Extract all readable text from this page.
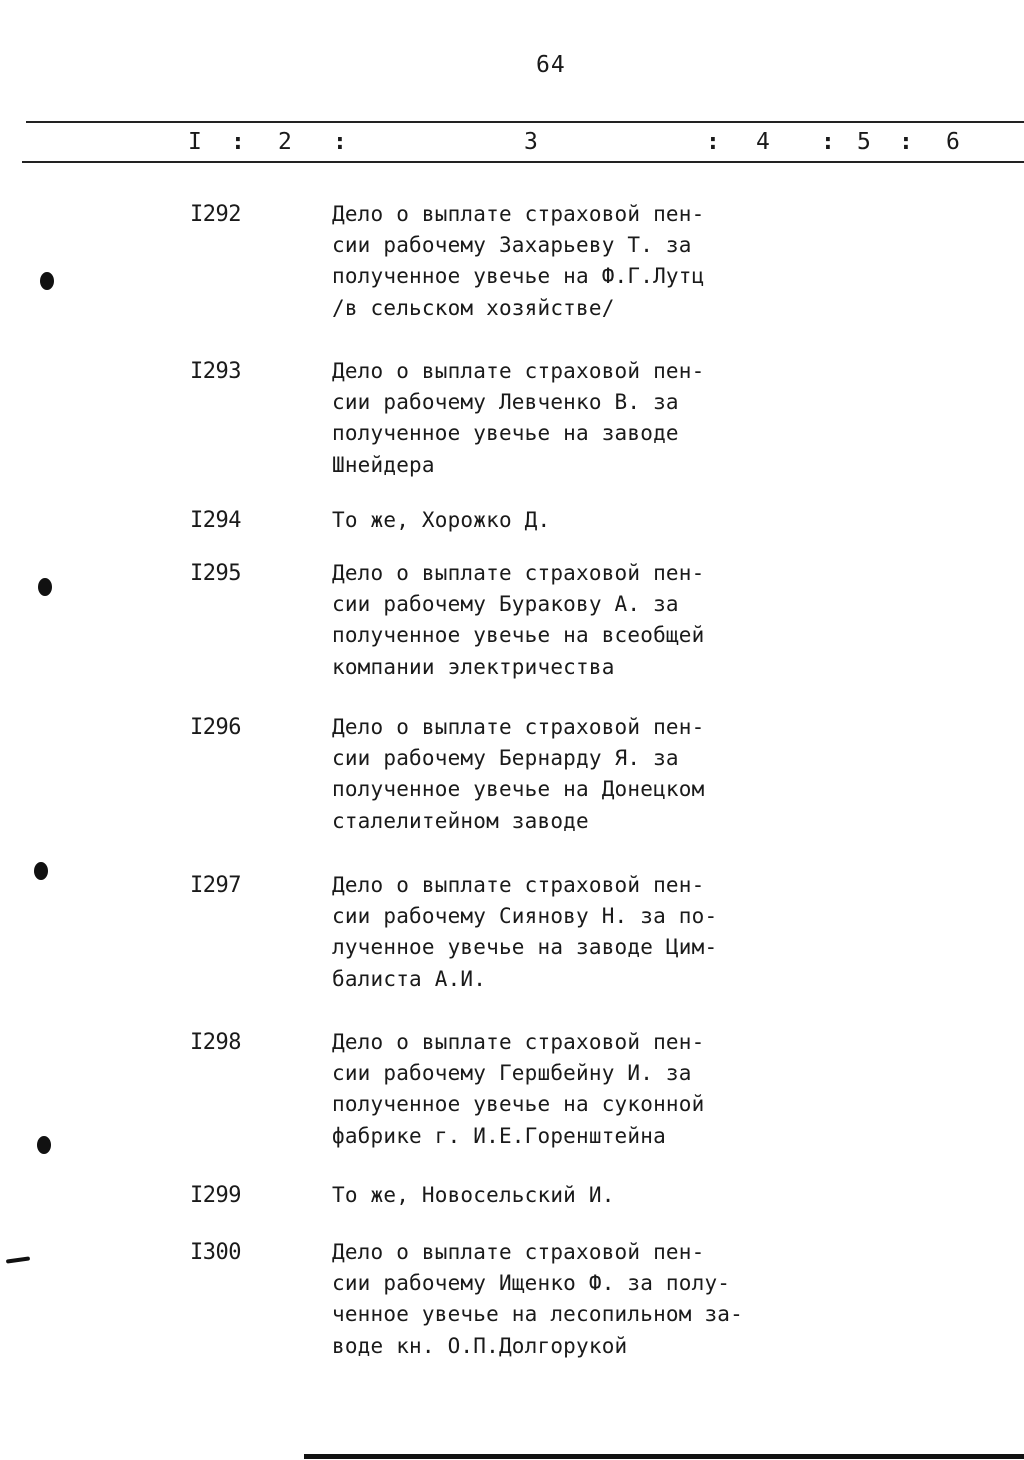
64
I : 2 :	3	: 4 : 5 : 6
I292	Дело о выплате страховой пен-
сии рабочему Захарьеву Т. за
полученное увечье на Ф.Г.Лутц
/в сельском хозяйстве/
I293	Дело о выплате страховой пен-
сии рабочему Левченко В. за
полученное увечье на заводе
Шнейдера
I294	То же, Хорожко Д.
I295	Дело о выплате страховой пен-
сии рабочему Буракову А. за
полученное увечье на всеобщей
компании электричества
I296	Дело о выплате страховой пен-
сии рабочему Бернарду Я. за
полученное увечье на Донецком
сталелитейном заводе
I297	Дело о выплате страховой пен-
сии рабочему Сиянову Н. за по-
лученное увечье на заводе Цим-
балиста А.И.
I298	Дело о выплате страховой пен-
сии рабочему Гершбейну И. за
полученное увечье на суконной
фабрике г. И.Е.Горенштейна
I299	То же, Новосельский И.
I300	Дело о выплате страховой пен-
сии рабочему Ищенко Ф. за полу-
ченное увечье на лесопильном за-
воде кн. О.П.Долгорукой
